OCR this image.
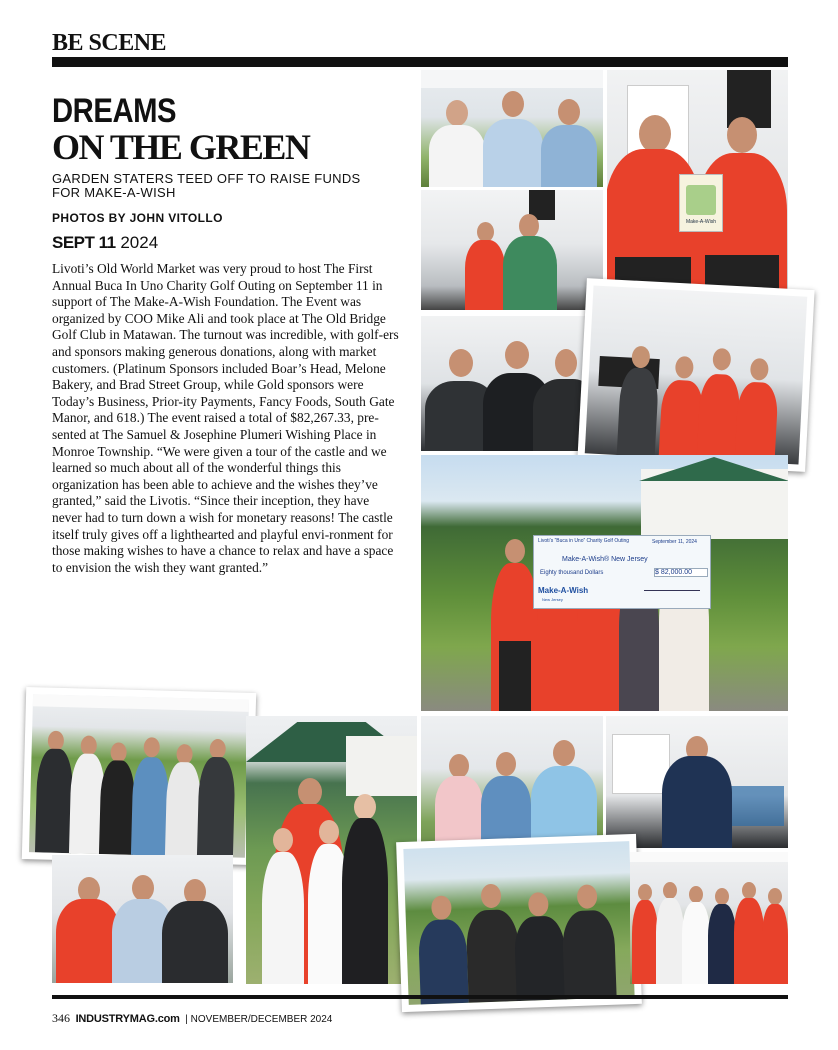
BE SCENE
DREAMS
ON THE GREEN
GARDEN STATERS TEED OFF TO RAISE FUNDS FOR MAKE-A-WISH
PHOTOS BY JOHN VITOLLO
SEPT 11 2024
Livoti’s Old World Market was very proud to host The First Annual Buca In Uno Charity Golf Outing on September 11 in support of The Make-A-Wish Foundation. The Event was organized by COO Mike Ali and took place at The Old Bridge Golf Club in Matawan. The turnout was incredible, with golf-ers and sponsors making generous donations, along with market customers. (Platinum Sponsors included Boar’s Head, Melone Bakery, and Brad Street Group, while Gold sponsors were Today’s Business, Prior-ity Payments, Fancy Foods, South Gate Manor, and 618.) The event raised a total of $82,267.33, pre-sented at The Samuel & Josephine Plumeri Wishing Place in Monroe Township. “We were given a tour of the castle and we learned so much about all of the wonderful things this organization has been able to achieve and the wishes they’ve granted,” said the Livotis. “Since their inception, they have never had to turn down a wish for monetary reasons! The castle itself truly gives off a lighthearted and playful envi-ronment for those making wishes to have a chance to relax and have a space to envision the wish they want granted.”
Make-A-Wish
Livoti’s “Buca in Uno” Charity Golf Outing	September 11, 2024
Make-A-Wish® New Jersey
Eighty thousand Dollars	$ 82,000.00
Make-A-Wish
New Jersey
346 INDUSTRYMAG.com  | NOVEMBER/DECEMBER 2024
